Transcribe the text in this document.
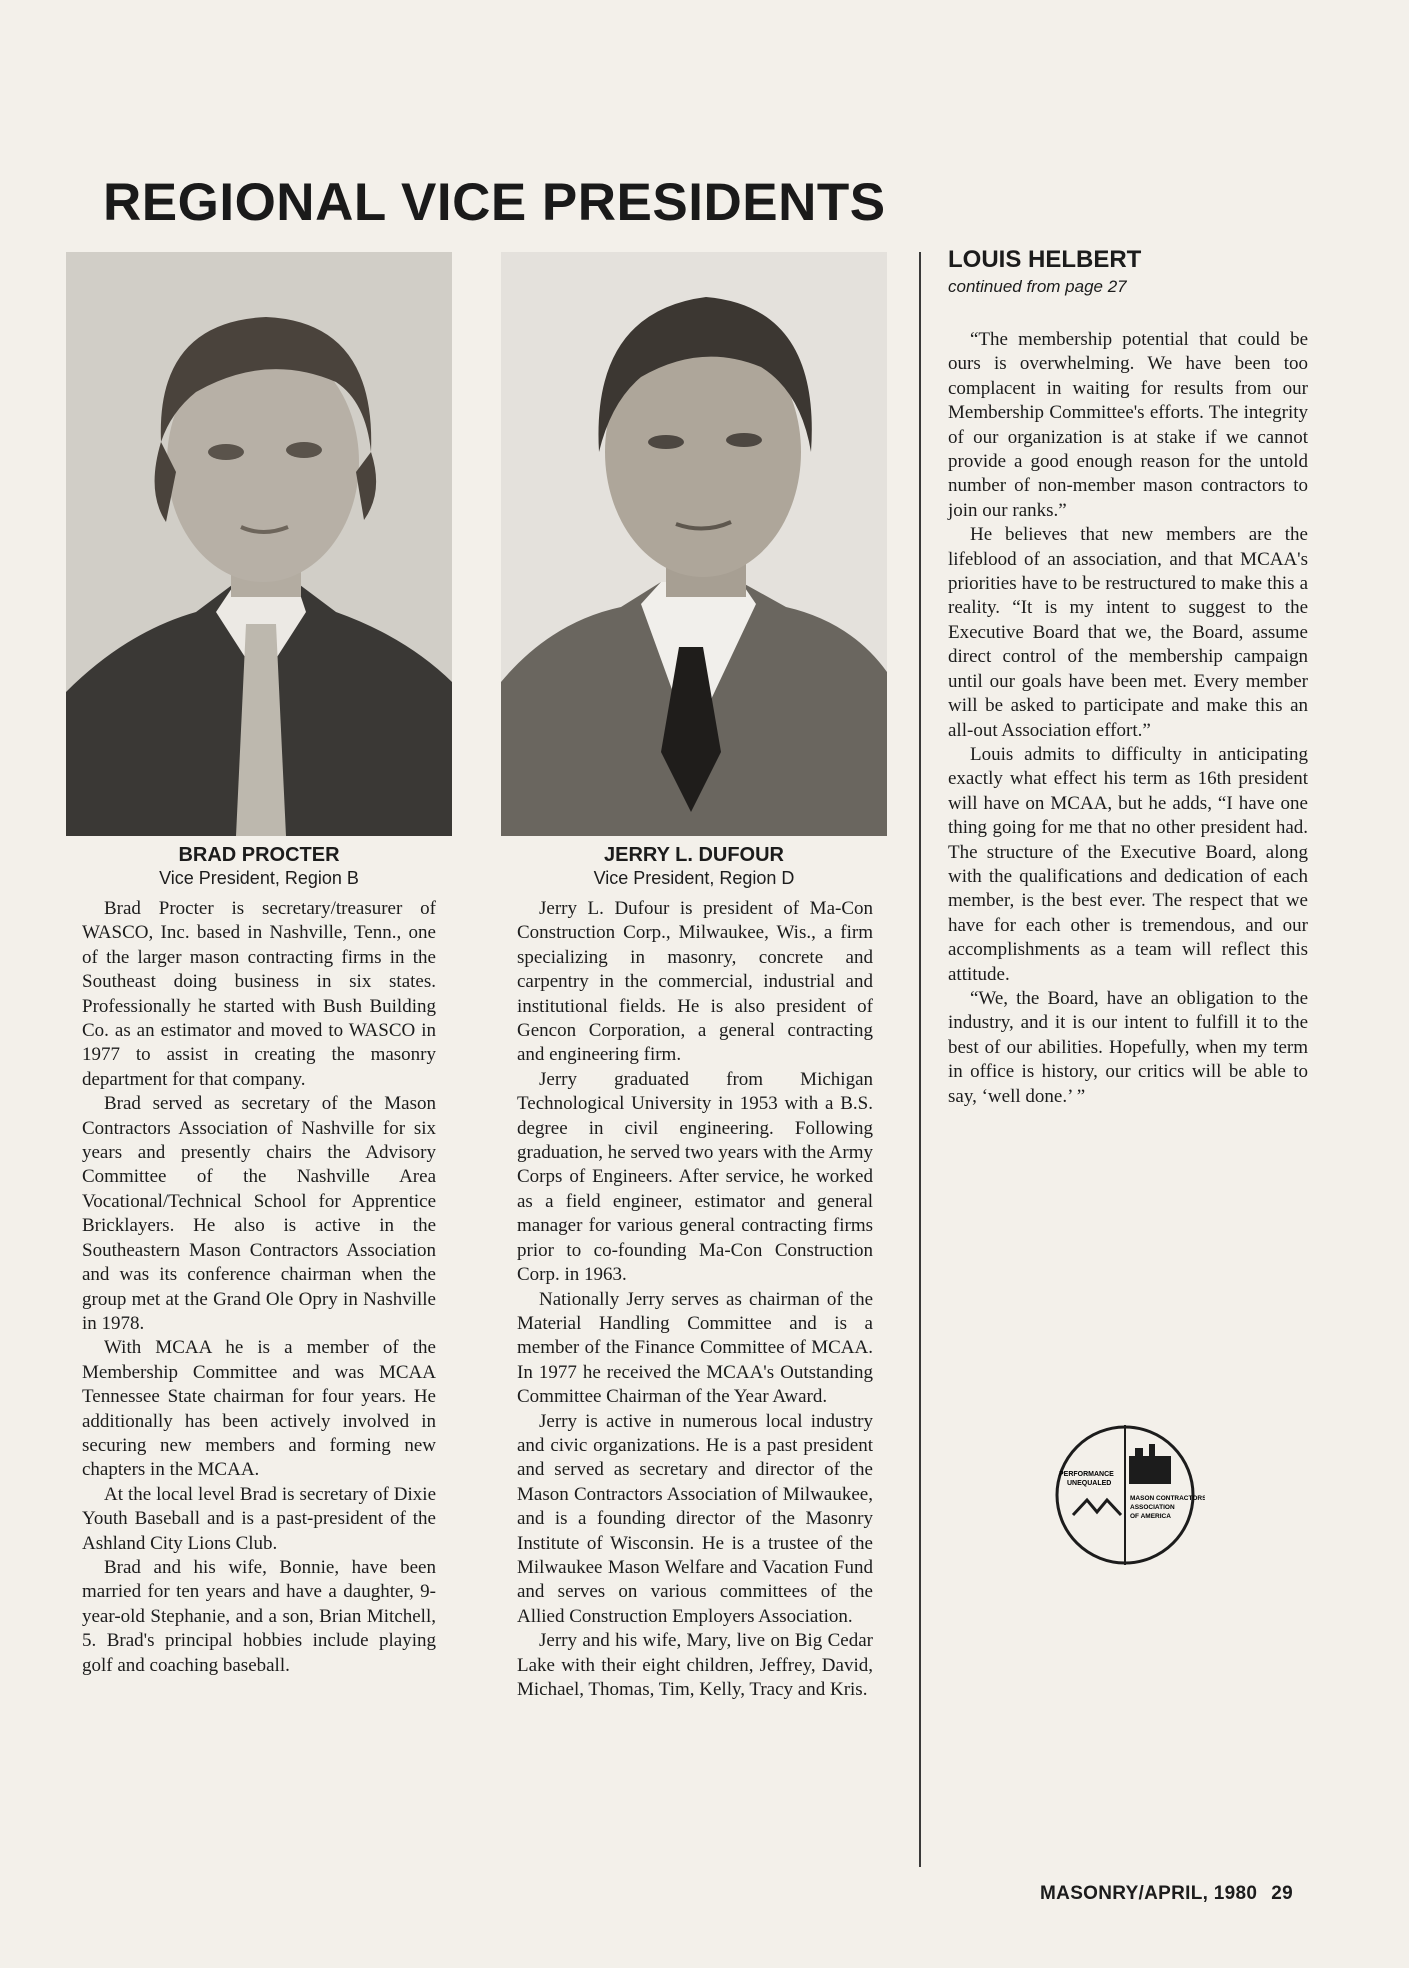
REGIONAL VICE PRESIDENTS
BRAD PROCTER
Vice President, Region B
JERRY L. DUFOUR
Vice President, Region D

Brad Procter is secretary/treasurer of WASCO, Inc. based in Nashville, Tenn., one of the larger mason contracting firms in the Southeast doing business in six states. Professionally he started with Bush Building Co. as an estimator and moved to WASCO in 1977 to assist in creating the masonry department for that company.

Brad served as secretary of the Mason Contractors Association of Nashville for six years and presently chairs the Advisory Committee of the Nashville Area Vocational/Technical School for Apprentice Bricklayers. He also is active in the Southeastern Mason Contractors Association and was its conference chairman when the group met at the Grand Ole Opry in Nashville in 1978.

With MCAA he is a member of the Membership Committee and was MCAA Tennessee State chairman for four years. He additionally has been actively involved in securing new members and forming new chapters in the MCAA.

At the local level Brad is secretary of Dixie Youth Baseball and is a past-president of the Ashland City Lions Club.

Brad and his wife, Bonnie, have been married for ten years and have a daughter, 9-year-old Stephanie, and a son, Brian Mitchell, 5. Brad's principal hobbies include playing golf and coaching baseball.

Jerry L. Dufour is president of Ma-Con Construction Corp., Milwaukee, Wis., a firm specializing in masonry, concrete and carpentry in the commercial, industrial and institutional fields. He is also president of Gencon Corporation, a general contracting and engineering firm.

Jerry graduated from Michigan Technological University in 1953 with a B.S. degree in civil engineering. Following graduation, he served two years with the Army Corps of Engineers. After service, he worked as a field engineer, estimator and general manager for various general contracting firms prior to co-founding Ma-Con Construction Corp. in 1963.

Nationally Jerry serves as chairman of the Material Handling Committee and is a member of the Finance Committee of MCAA. In 1977 he received the MCAA's Outstanding Committee Chairman of the Year Award.

Jerry is active in numerous local industry and civic organizations. He is a past president and served as secretary and director of the Mason Contractors Association of Milwaukee, and is a founding director of the Masonry Institute of Wisconsin. He is a trustee of the Milwaukee Mason Welfare and Vacation Fund and serves on various committees of the Allied Construction Employers Association.

Jerry and his wife, Mary, live on Big Cedar Lake with their eight children, Jeffrey, David, Michael, Thomas, Tim, Kelly, Tracy and Kris.

LOUIS HELBERT
continued from page 27

“The membership potential that could be ours is overwhelming. We have been too complacent in waiting for results from our Membership Committee's efforts. The integrity of our organization is at stake if we cannot provide a good enough reason for the untold number of non-member mason contractors to join our ranks.”

He believes that new members are the lifeblood of an association, and that MCAA's priorities have to be restructured to make this a reality. “It is my intent to suggest to the Executive Board that we, the Board, assume direct control of the membership campaign until our goals have been met. Every member will be asked to participate and make this an all-out Association effort.”

Louis admits to difficulty in anticipating exactly what effect his term as 16th president will have on MCAA, but he adds, “I have one thing going for me that no other president had. The structure of the Executive Board, along with the qualifications and dedication of each member, is the best ever. The respect that we have for each other is tremendous, and our accomplishments as a team will reflect this attitude.

“We, the Board, have an obligation to the industry, and it is our intent to fulfill it to the best of our abilities. Hopefully, when my term in office is history, our critics will be able to say, ‘well done.’ ”

PERFORMANCE
UNEQUALED
MASON CONTRACTORS
ASSOCIATION
OF AMERICA
MASONRY/APRIL, 1980 29
